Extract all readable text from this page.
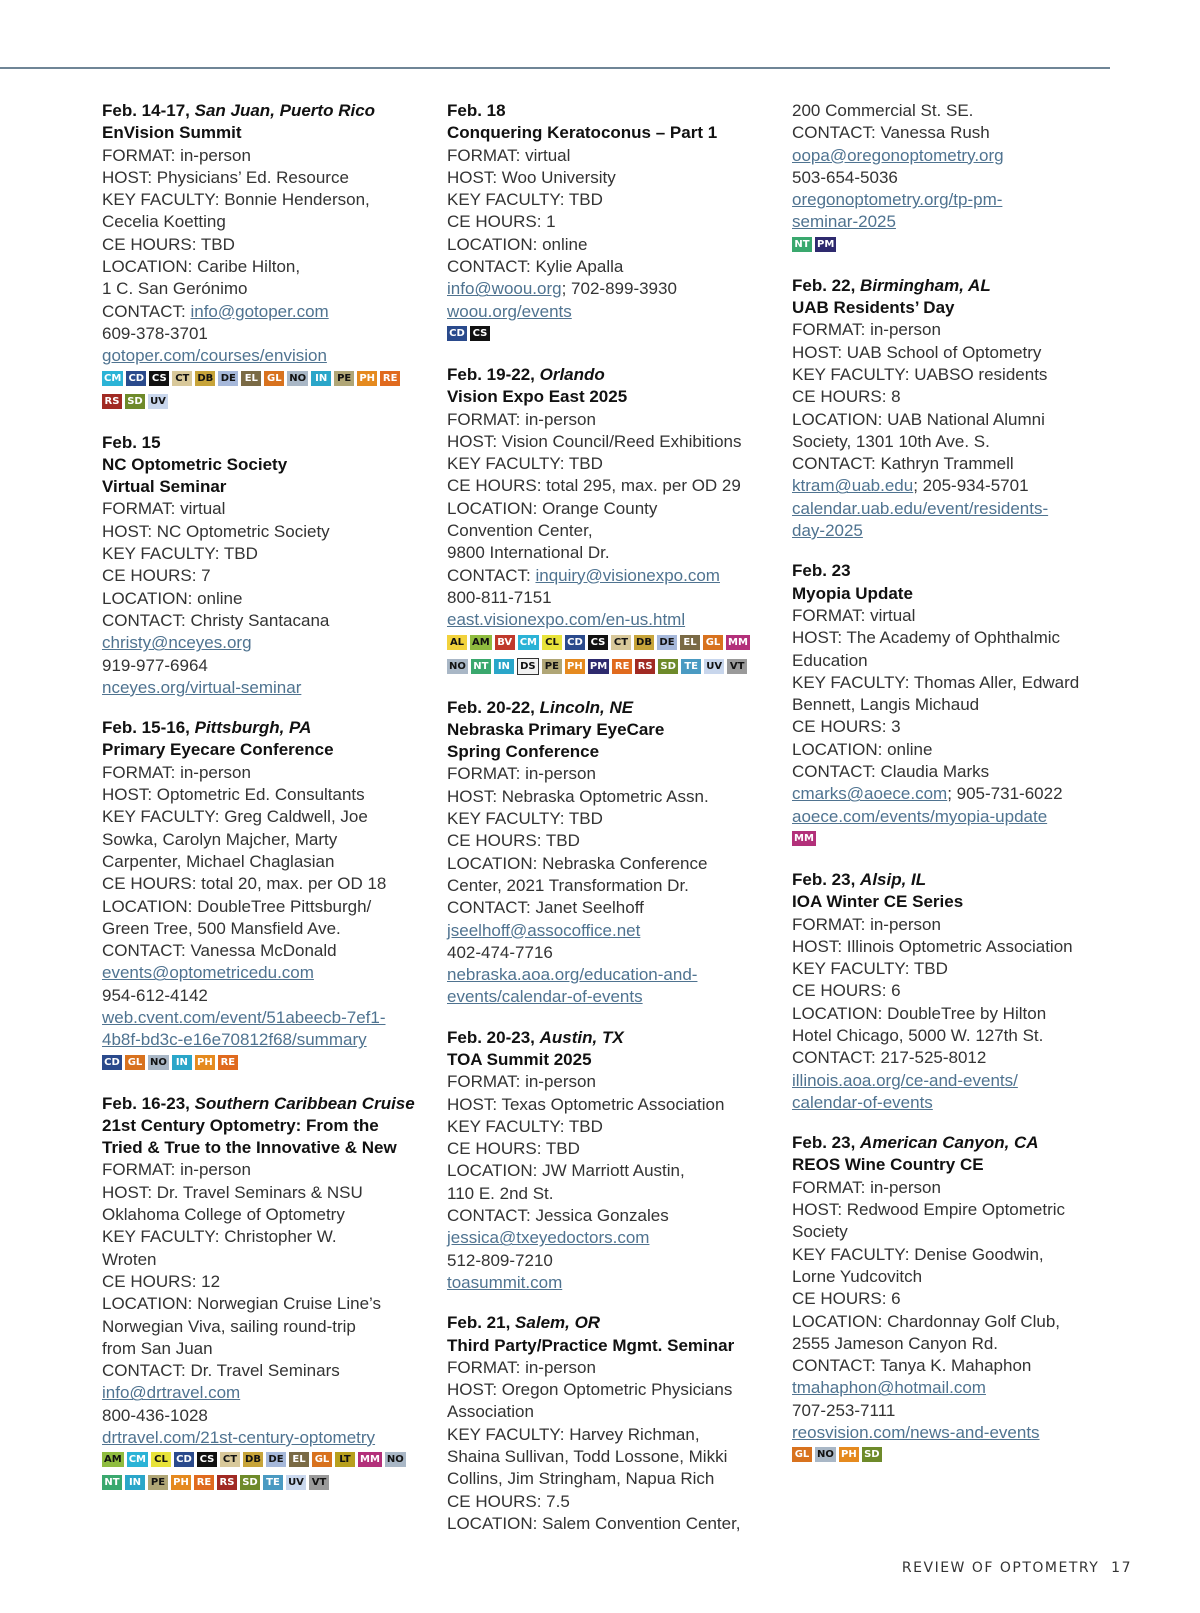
Feb. 14-17, San Juan, Puerto Rico
EnVision Summit
FORMAT: in-person
HOST: Physicians’ Ed. Resource
KEY FACULTY: Bonnie Henderson,
Cecelia Koetting
CE HOURS: TBD
LOCATION: Caribe Hilton,
1 C. San Gerónimo
CONTACT: info@gotoper.com
609-378-3701
gotoper.com/courses/envision
CM CD CS CT DB DE EL GL NO IN PE PH RE
RS SD UV
Feb. 15
NC Optometric Society
Virtual Seminar
FORMAT: virtual
HOST: NC Optometric Society
KEY FACULTY: TBD
CE HOURS: 7
LOCATION: online
CONTACT: Christy Santacana
christy@nceyes.org
919-977-6964
nceyes.org/virtual-seminar
Feb. 15-16, Pittsburgh, PA
Primary Eyecare Conference
FORMAT: in-person
HOST: Optometric Ed. Consultants
KEY FACULTY: Greg Caldwell, Joe
Sowka, Carolyn Majcher, Marty
Carpenter, Michael Chaglasian
CE HOURS: total 20, max. per OD 18
LOCATION: DoubleTree Pittsburgh/
Green Tree, 500 Mansfield Ave.
CONTACT: Vanessa McDonald
events@optometricedu.com
954-612-4142
web.cvent.com/event/51abeecb-7ef1-
4b8f-bd3c-e16e70812f68/summary
CD GL NO IN PH RE
Feb. 16-23, Southern Caribbean Cruise
21st Century Optometry: From the
Tried & True to the Innovative & New
FORMAT: in-person
HOST: Dr. Travel Seminars & NSU
Oklahoma College of Optometry
KEY FACULTY: Christopher W.
Wroten
CE HOURS: 12
LOCATION: Norwegian Cruise Line’s
Norwegian Viva, sailing round-trip
from San Juan
CONTACT: Dr. Travel Seminars
info@drtravel.com
800-436-1028
drtravel.com/21st-century-optometry
AM CM CL CD CS CT DB DE EL GL LT MM NO
NT IN PE PH RE RS SD TE UV VT
Feb. 18
Conquering Keratoconus – Part 1
FORMAT: virtual
HOST: Woo University
KEY FACULTY: TBD
CE HOURS: 1
LOCATION: online
CONTACT: Kylie Apalla
info@woou.org; 702-899-3930
woou.org/events
CD CS
Feb. 19-22, Orlando
Vision Expo East 2025
FORMAT: in-person
HOST: Vision Council/Reed Exhibitions
KEY FACULTY: TBD
CE HOURS: total 295, max. per OD 29
LOCATION: Orange County
Convention Center,
9800 International Dr.
CONTACT: inquiry@visionexpo.com
800-811-7151
east.visionexpo.com/en-us.html
AL AM BV CM CL CD CS CT DB DE EL GL MM
NO NT IN DS PE PH PM RE RS SD TE UV VT
Feb. 20-22, Lincoln, NE
Nebraska Primary EyeCare
Spring Conference
FORMAT: in-person
HOST: Nebraska Optometric Assn.
KEY FACULTY: TBD
CE HOURS: TBD
LOCATION: Nebraska Conference
Center, 2021 Transformation Dr.
CONTACT: Janet Seelhoff
jseelhoff@assocoffice.net
402-474-7716
nebraska.aoa.org/education-and-
events/calendar-of-events
Feb. 20-23, Austin, TX
TOA Summit 2025
FORMAT: in-person
HOST: Texas Optometric Association
KEY FACULTY: TBD
CE HOURS: TBD
LOCATION: JW Marriott Austin,
110 E. 2nd St.
CONTACT: Jessica Gonzales
jessica@txeyedoctors.com
512-809-7210
toasummit.com
Feb. 21, Salem, OR
Third Party/Practice Mgmt. Seminar
FORMAT: in-person
HOST: Oregon Optometric Physicians
Association
KEY FACULTY: Harvey Richman,
Shaina Sullivan, Todd Lossone, Mikki
Collins, Jim Stringham, Napua Rich
CE HOURS: 7.5
LOCATION: Salem Convention Center,
200 Commercial St. SE.
CONTACT: Vanessa Rush
oopa@oregonoptometry.org
503-654-5036
oregonoptometry.org/tp-pm-
seminar-2025
NT PM
Feb. 22, Birmingham, AL
UAB Residents’ Day
FORMAT: in-person
HOST: UAB School of Optometry
KEY FACULTY: UABSO residents
CE HOURS: 8
LOCATION: UAB National Alumni
Society, 1301 10th Ave. S.
CONTACT: Kathryn Trammell
ktram@uab.edu; 205-934-5701
calendar.uab.edu/event/residents-
day-2025
Feb. 23
Myopia Update
FORMAT: virtual
HOST: The Academy of Ophthalmic
Education
KEY FACULTY: Thomas Aller, Edward
Bennett, Langis Michaud
CE HOURS: 3
LOCATION: online
CONTACT: Claudia Marks
cmarks@aoece.com; 905-731-6022
aoece.com/events/myopia-update
MM
Feb. 23, Alsip, IL
IOA Winter CE Series
FORMAT: in-person
HOST: Illinois Optometric Association
KEY FACULTY: TBD
CE HOURS: 6
LOCATION: DoubleTree by Hilton
Hotel Chicago, 5000 W. 127th St.
CONTACT: 217-525-8012
illinois.aoa.org/ce-and-events/
calendar-of-events
Feb. 23, American Canyon, CA
REOS Wine Country CE
FORMAT: in-person
HOST: Redwood Empire Optometric
Society
KEY FACULTY: Denise Goodwin,
Lorne Yudcovitch
CE HOURS: 6
LOCATION: Chardonnay Golf Club,
2555 Jameson Canyon Rd.
CONTACT: Tanya K. Mahaphon
tmahaphon@hotmail.com
707-253-7111
reosvision.com/news-and-events
GL NO PH SD
REVIEW OF OPTOMETRY 17
